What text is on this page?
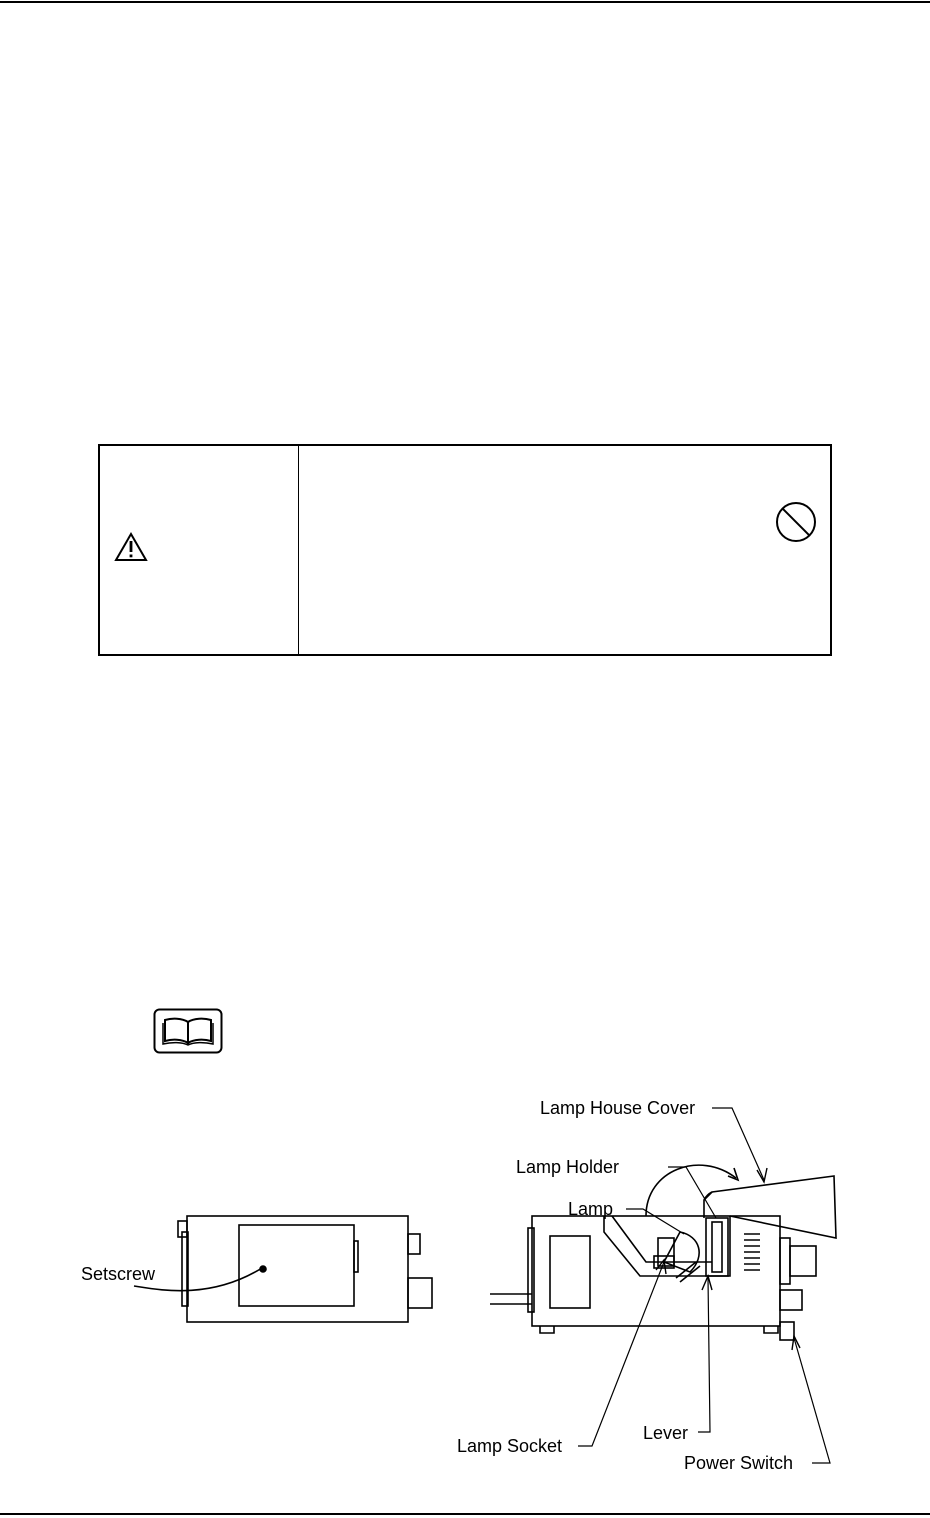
Lamp House Cover
Lamp Holder
Lamp
Setscrew
Lamp Socket
Lever
Power Switch
